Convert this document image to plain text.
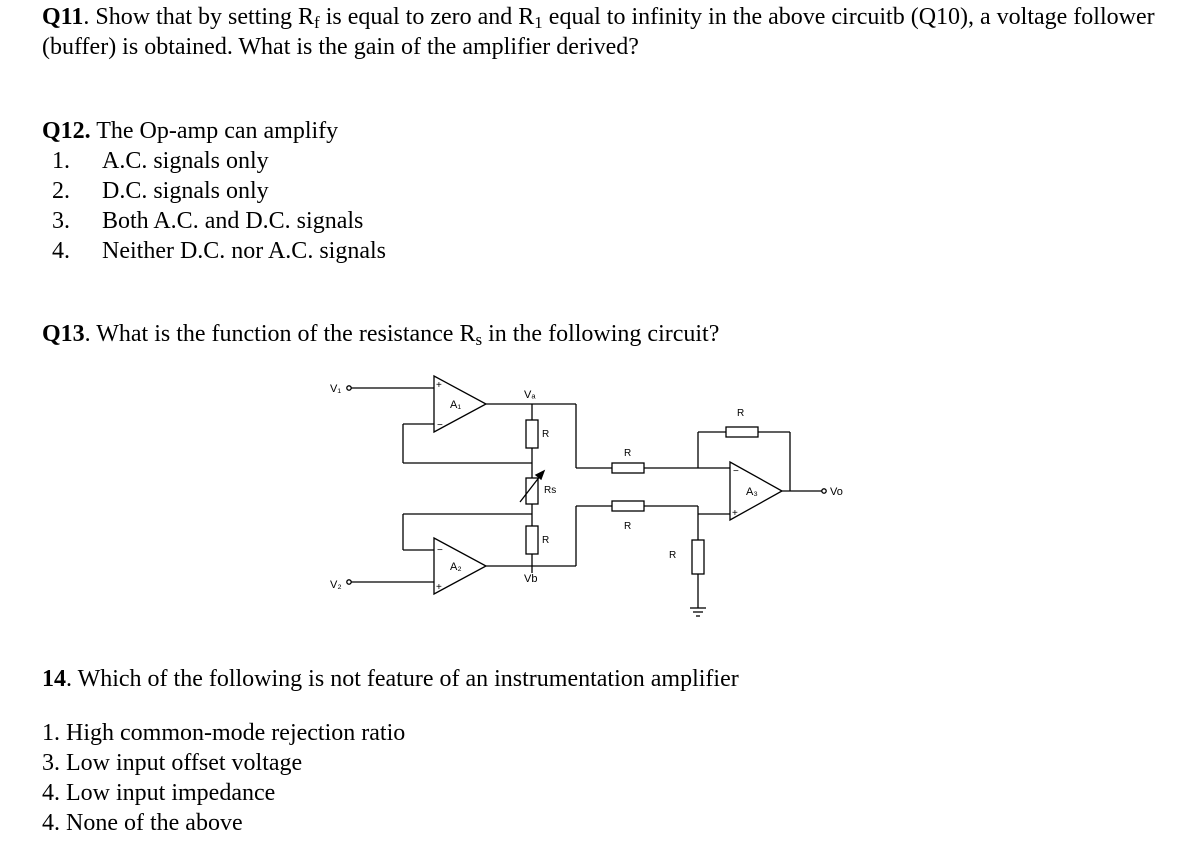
Q11. Show that by setting $R_f$ is equal to zero and $R_1$ equal to infinity in the above circuitb (Q10), a voltage follower (buffer) is obtained. What is the gain of the amplifier derived?

Q12. The Op-amp can amplify

1.	A.C. signals only
2.	D.C. signals only
3.	Both A.C. and D.C. signals
4.	Neither D.C. nor A.C. signals

Q13. What is the function of the resistance $R_s$ in the following circuit?

V₁
V₂
Vₐ
Vb
Vo
A₁
A₂
A₃
R
Rs
R
R
R
R
R
+
−
−
+
−
+

14. Which of the following is not feature of an instrumentation amplifier

1. High common-mode rejection ratio
3. Low input offset voltage
4. Low input impedance
4. None of the above
